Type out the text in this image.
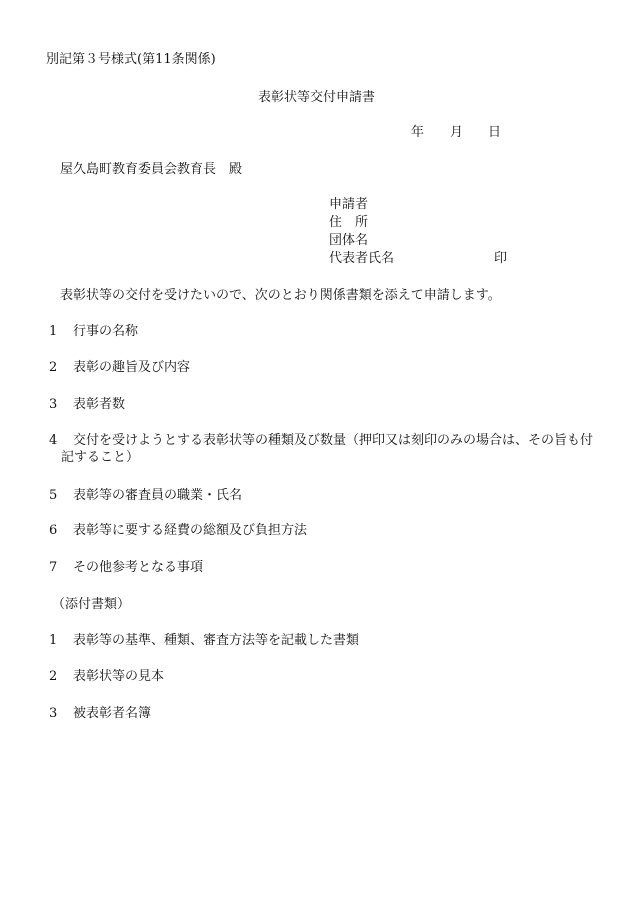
別記第３号様式(第11条関係)
表彰状等交付申請書
年 月 日
屋久島町教育委員会教育長　殿
申請者
住　所
団体名
代表者氏名	印
表彰状等の交付を受けたいので、次のとおり関係書類を添えて申請します。
1 行事の名称
2 表彰の趣旨及び内容
3 表彰者数
4 交付を受けようとする表彰状等の種類及び数量（押印又は刻印のみの場合は、その旨も付
記すること）
5 表彰等の審査員の職業・氏名
6 表彰等に要する経費の総額及び負担方法
7 その他参考となる事項
（添付書類）
1 表彰等の基準、種類、審査方法等を記載した書類
2 表彰状等の見本
3 被表彰者名簿
